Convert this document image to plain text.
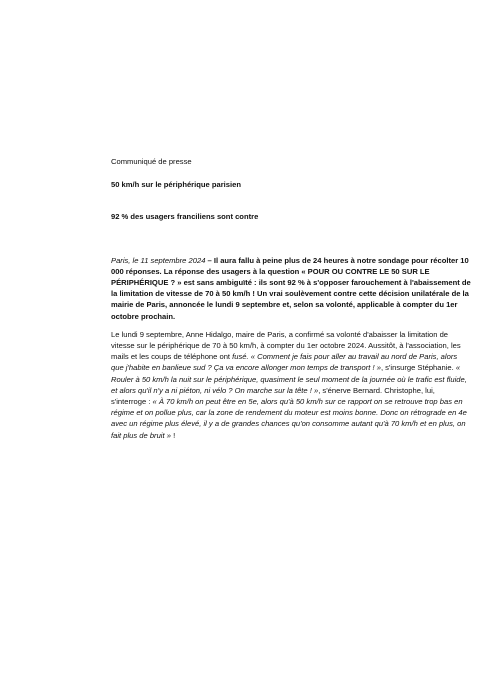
Communiqué de presse

50 km/h sur le périphérique parisien

92 % des usagers franciliens sont contre

Paris, le 11 septembre 2024 – Il aura fallu à peine plus de 24 heures à notre sondage pour récolter 10 000 réponses. La réponse des usagers à la question « POUR OU CONTRE LE 50 SUR LE PÉRIPHÉRIQUE ? » est sans ambiguïté : ils sont 92 % à s'opposer farouchement à l'abaissement de la limitation de vitesse de 70 à 50 km/h ! Un vrai soulèvement contre cette décision unilatérale de la mairie de Paris, annoncée le lundi 9 septembre et, selon sa volonté, applicable à compter du 1er octobre prochain.

Le lundi 9 septembre, Anne Hidalgo, maire de Paris, a confirmé sa volonté d'abaisser la limitation de vitesse sur le périphérique de 70 à 50 km/h, à compter du 1er octobre 2024. Aussitôt, à l'association, les mails et les coups de téléphone ont fusé. « Comment je fais pour aller au travail au nord de Paris, alors que j'habite en banlieue sud ? Ça va encore allonger mon temps de transport ! », s'insurge Stéphanie. « Rouler à 50 km/h la nuit sur le périphérique, quasiment le seul moment de la journée où le trafic est fluide, et alors qu'il n'y a ni piéton, ni vélo ? On marche sur la tête ! », s'énerve Bernard. Christophe, lui, s'interroge : « À 70 km/h on peut être en 5e, alors qu'à 50 km/h sur ce rapport on se retrouve trop bas en régime et on pollue plus, car la zone de rendement du moteur est moins bonne. Donc on rétrograde en 4e avec un régime plus élevé, il y a de grandes chances qu'on consomme autant qu'à 70 km/h et en plus, on fait plus de bruit » !
